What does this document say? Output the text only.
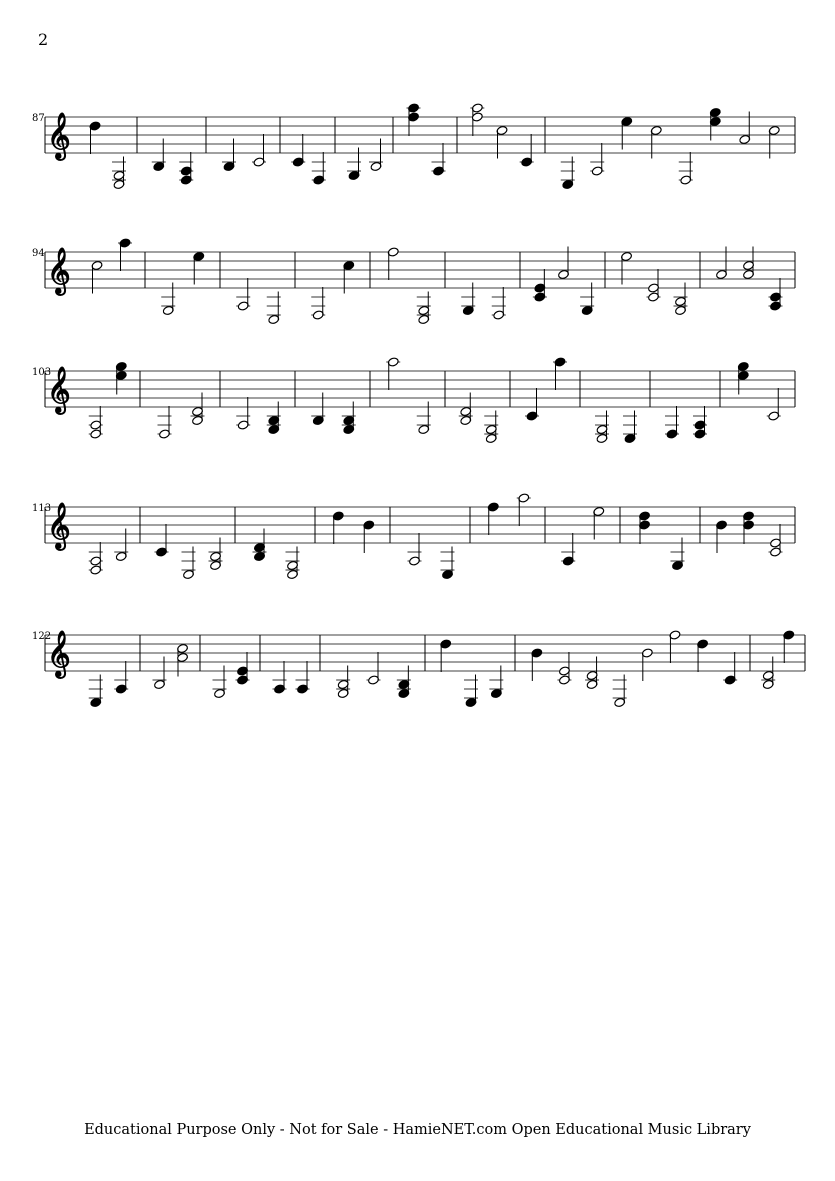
2
87
94
103
113
122
𝄞
𝄞
𝄞
𝄞
𝄞
Educational Purpose Only - Not for Sale - HamieNET.com Open Educational Music Library
